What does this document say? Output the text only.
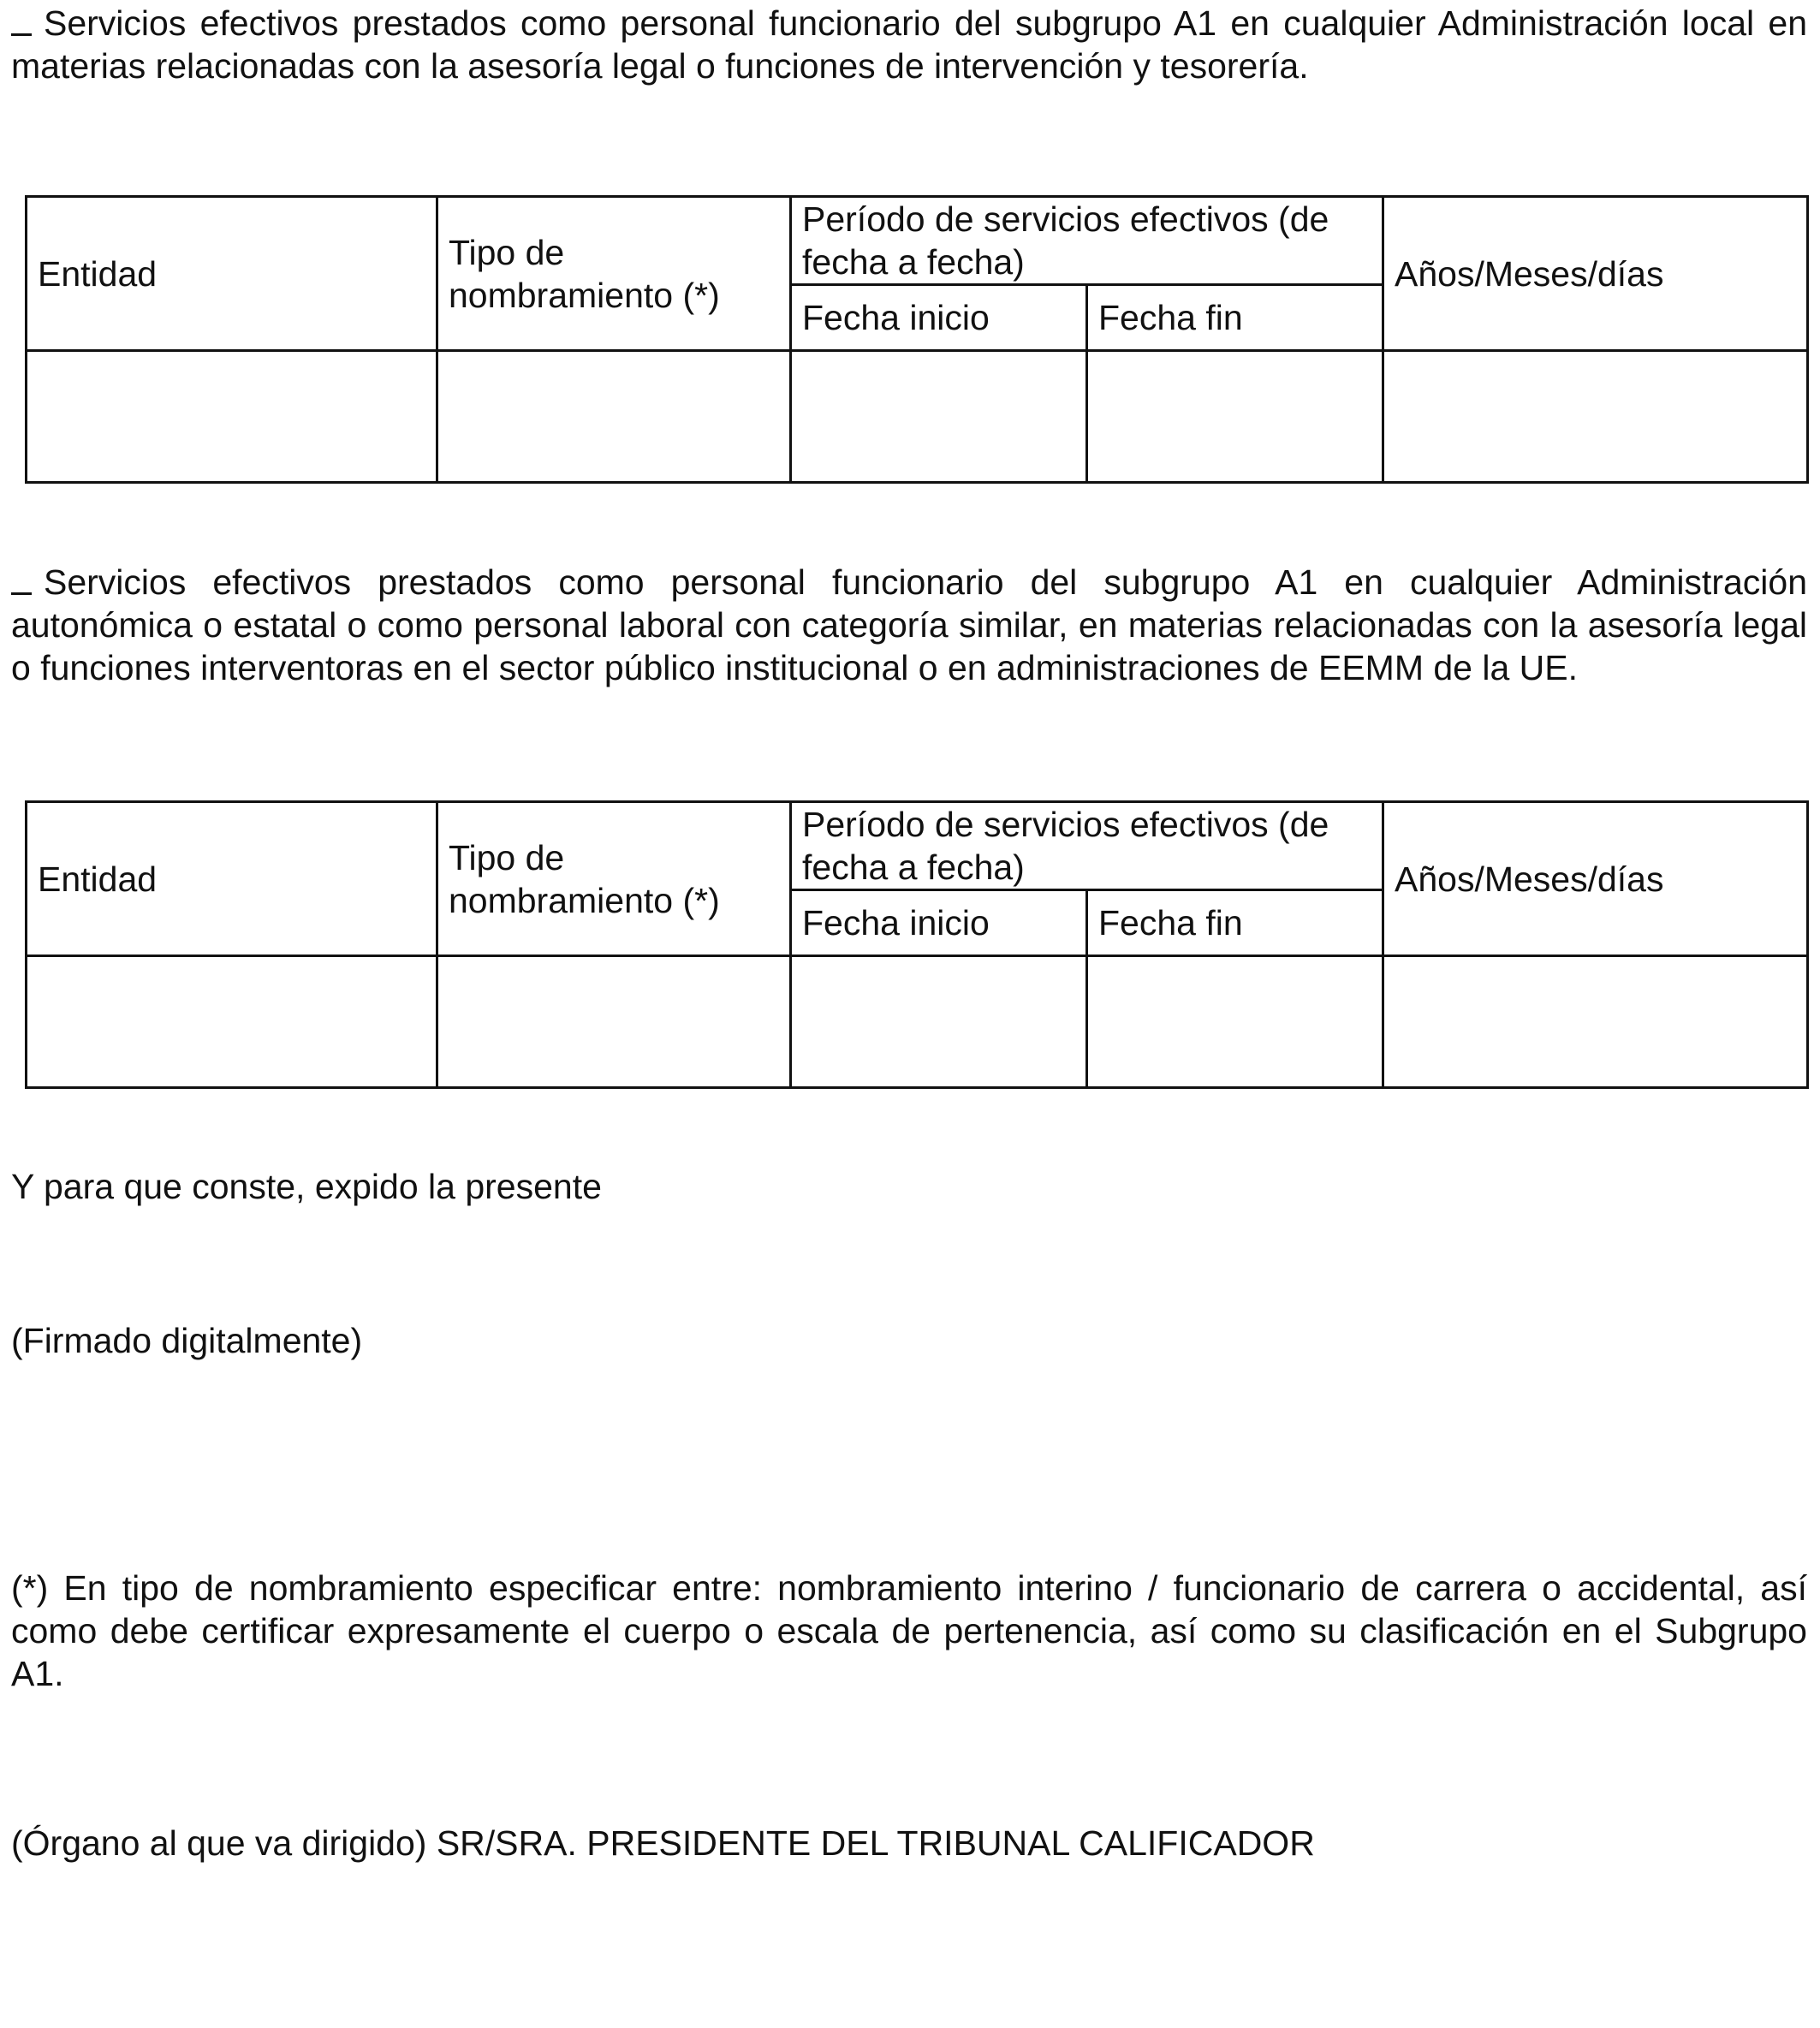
Servicios efectivos prestados como personal funcionario del subgrupo A1 en cualquier Administración local en materias relacionadas con la asesoría legal o funciones de intervención y tesorería.

Entidad	Tipo de nombramiento (*)	Período de servicios efectivos (de fecha a fecha)		Años/Meses/días
		Fecha inicio	Fecha fin	

Servicios efectivos prestados como personal funcionario del subgrupo A1 en cualquier Administración autonómica o estatal o como personal laboral con categoría similar, en materias relacionadas con la asesoría legal o funciones interventoras en el sector público institucional o en administraciones de EEMM de la UE.

Entidad	Tipo de nombramiento (*)	Período de servicios efectivos (de fecha a fecha)		Años/Meses/días
		Fecha inicio	Fecha fin	

Y para que conste, expido la presente

(Firmado digitalmente)

(*) En tipo de nombramiento especificar entre: nombramiento interino / funcionario de carrera o accidental, así como debe certificar expresamente el cuerpo o escala de pertenencia, así como su clasificación en el Subgrupo A1.

(Órgano al que va dirigido) SR/SRA. PRESIDENTE DEL TRIBUNAL CALIFICADOR
